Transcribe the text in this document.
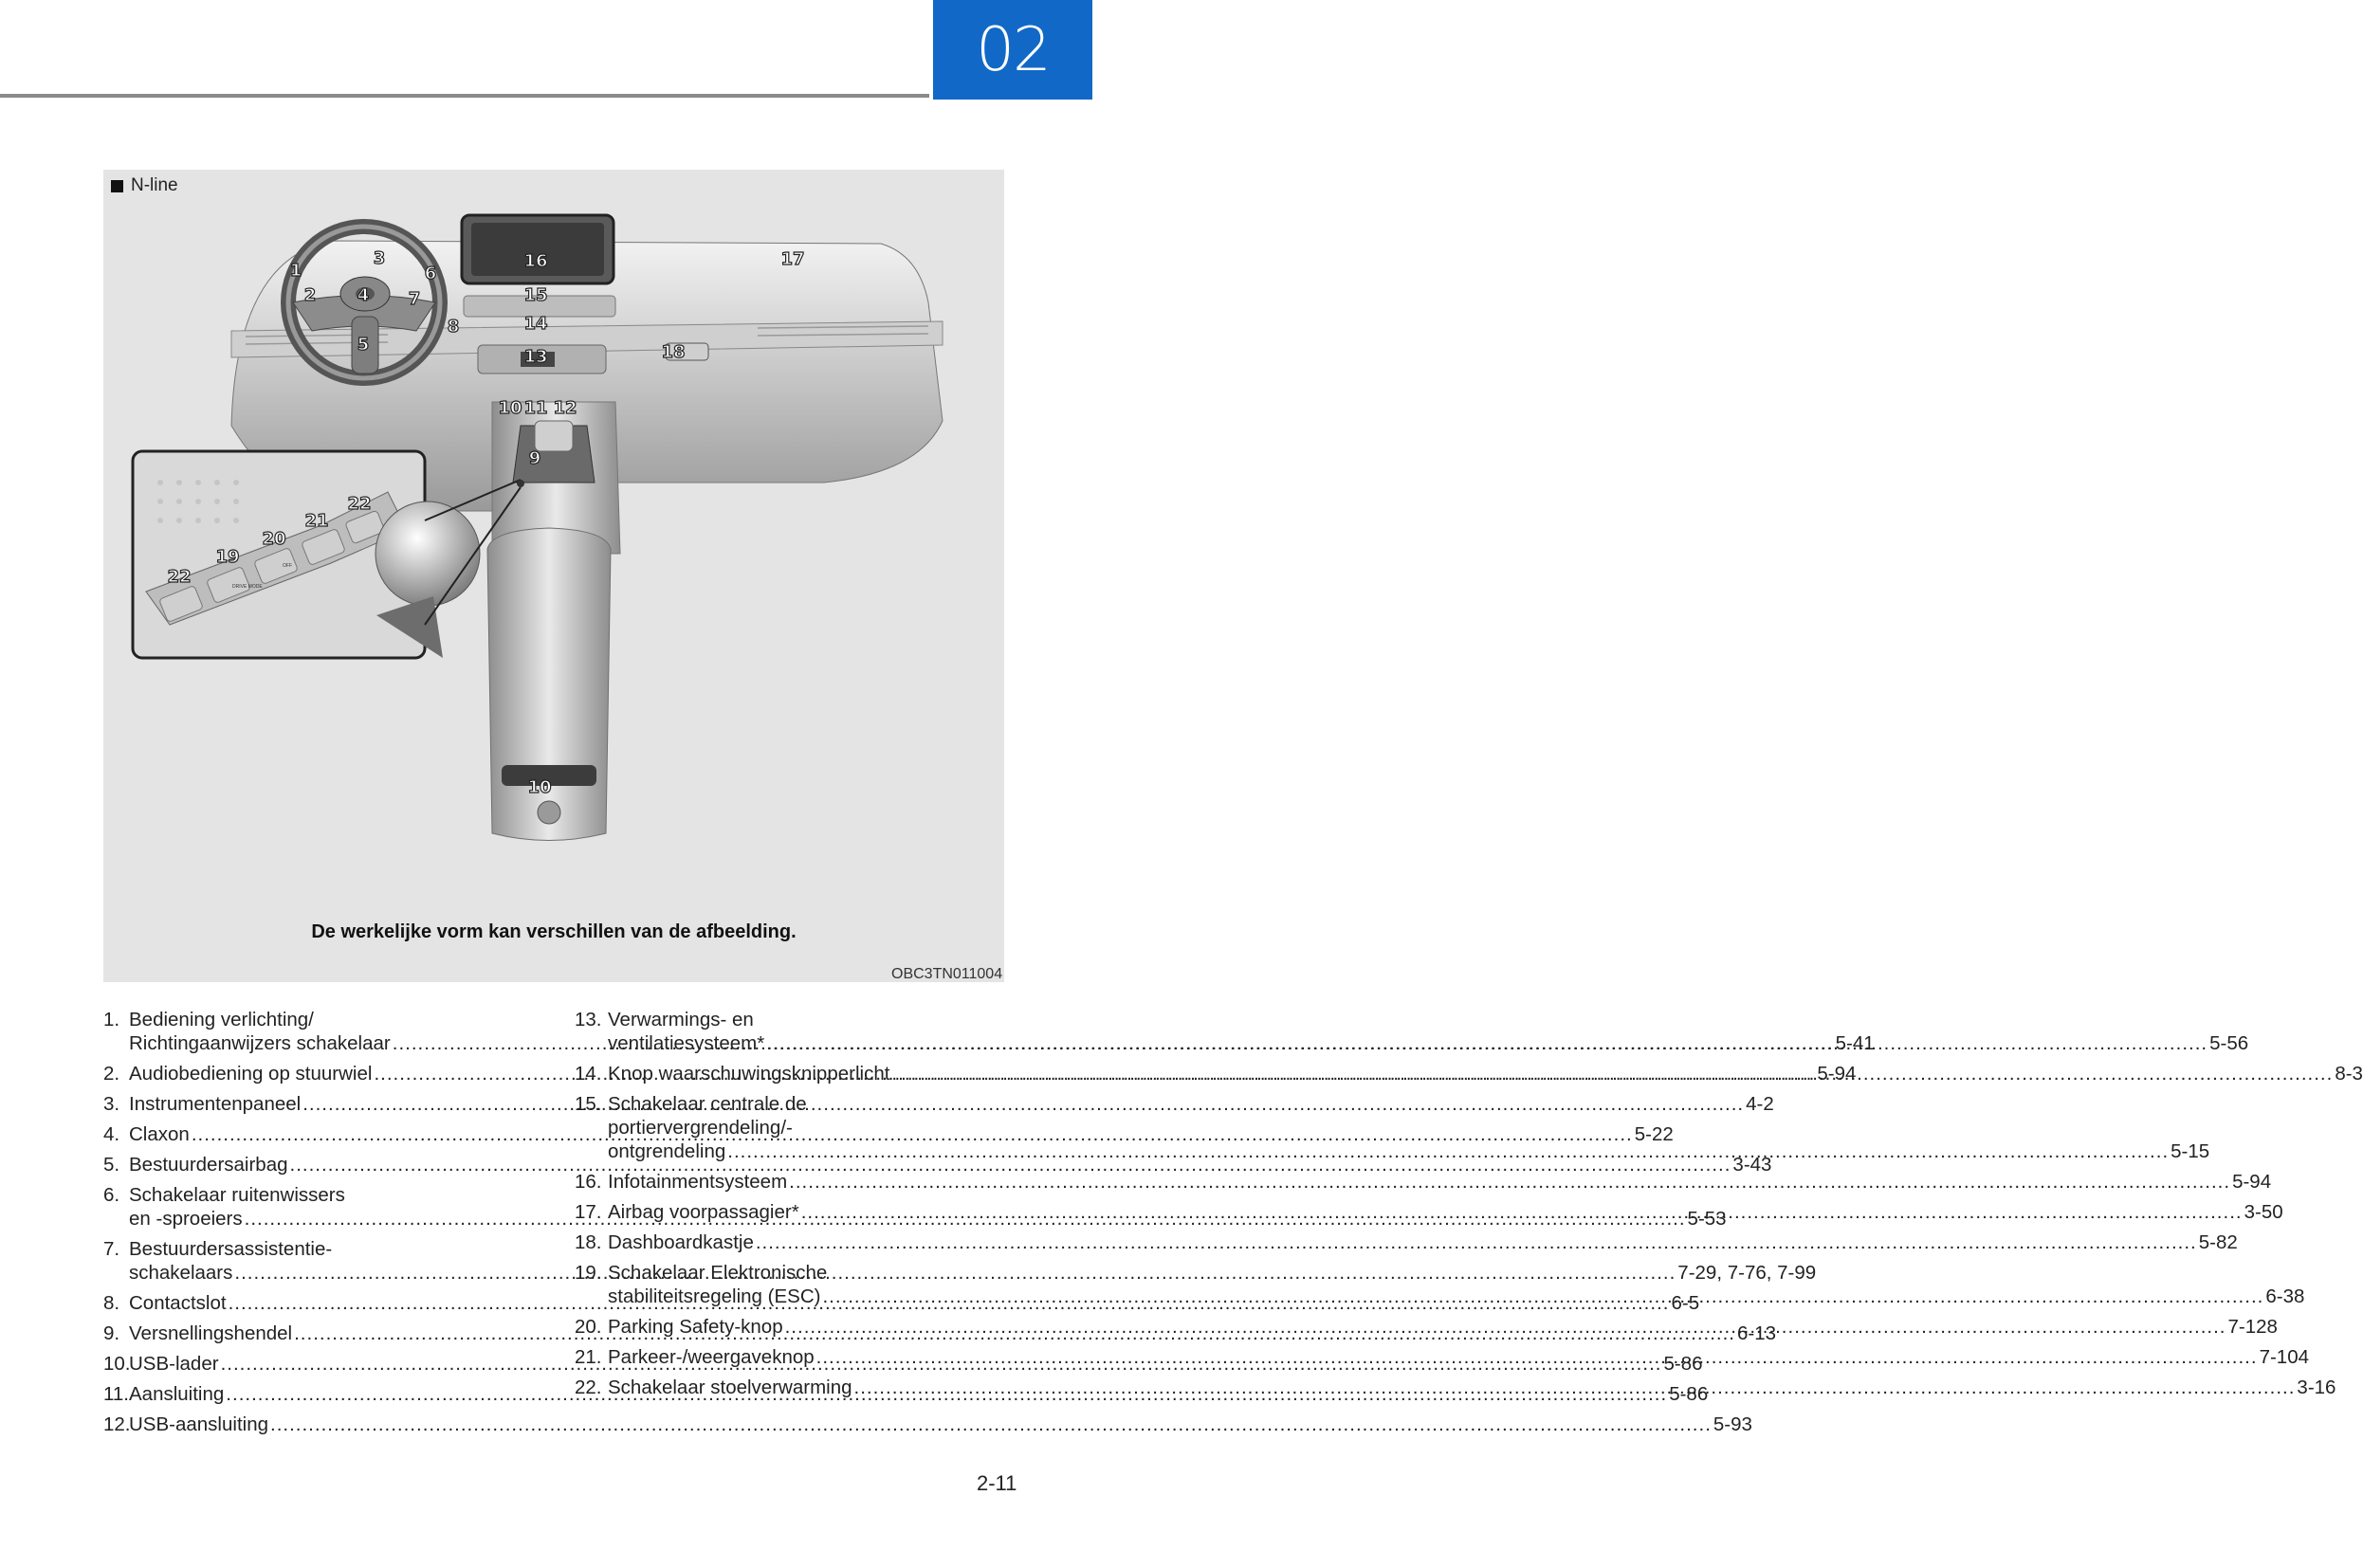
02
DRIVE MODE
OFF
1
2
3
4
5
6
7
8
9
10 11 12
13
14
15
16	17
18
19
20
21
22
22
10
N-line
De werkelijke vorm kan verschillen van de afbeelding.
OBC3TN011004
1. Bediening verlichting/
Richtingaanwijzers schakelaar .....	5-41
2. Audiobediening op stuurwiel .....	5-94
3. Instrumentenpaneel .....	4-2
4. Claxon .....	5-22
5. Bestuurdersairbag .....	3-43
6. Schakelaar ruitenwissers
en -sproeiers .....	5-53
7. Bestuurdersassistentie-
schakelaars .....	7-29, 7-76, 7-99
8. Contactslot .....	6-5
9. Versnellingshendel .....	6-13
10.
USB-lader .....	5-86
11. Aansluiting .....	5-86
12.
USB-aansluiting .....	5-93
13. Verwarmings- en
ventilatiesysteem* .....	5-56
14. Knop waarschuwingsknipperlicht .....	8-3
15. Schakelaar centrale de
portiervergrendeling/-
ontgrendeling .....	5-15
16. Infotainmentsysteem .....	5-94
17. Airbag voorpassagier* .....	3-50
18. Dashboardkastje .....	5-82
19. Schakelaar Elektronische
stabiliteitsregeling (ESC) .....	6-38
20. Parking Safety-knop .....	7-128
21. Parkeer-/weergaveknop .....	7-104
22. Schakelaar stoelverwarming .....	3-16
2-11
